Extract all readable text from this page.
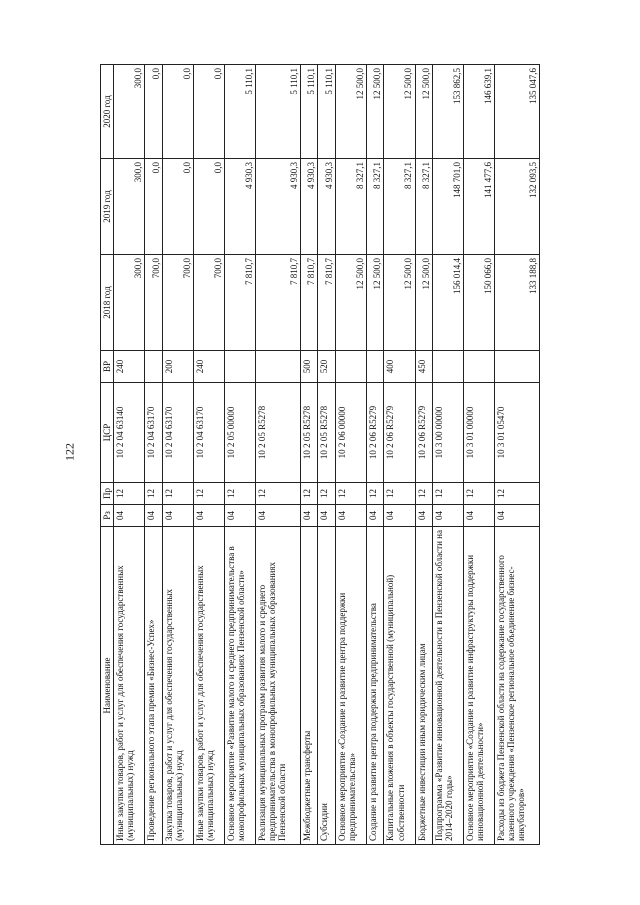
122
Наименование	Рз	Пр	ЦСР	ВР	2018 год	2019 год	2020 год
Иные закупки товаров, работ и услуг для обеспечения государственных (муниципальных) нужд	04	12	10 2 04 63140	240	300,0	300,0	300,0
Проведение регионального этапа премии «Бизнес-Успех»	04	12	10 2 04 63170		700,0	0,0	0,0
Закупка товаров, работ и услуг для обеспечения государственных (муниципальных) нужд	04	12	10 2 04 63170	200	700,0	0,0	0,0
Иные закупки товаров, работ и услуг для обеспечения государственных (муниципальных) нужд	04	12	10 2 04 63170	240	700,0	0,0	0,0
Основное мероприятие «Развитие малого и среднего предпринимательства в монопрофильных муниципальных образованиях Пензенской области»	04	12	10 2 05 00000		7 810,7	4 930,3	5 110,1
Реализация муниципальных программ развития малого и среднего предпринимательства в монопрофильных муниципальных образованиях Пензенской области	04	12	10 2 05 R5278		7 810,7	4 930,3	5 110,1
Межбюджетные трансферты	04	12	10 2 05 R5278	500	7 810,7	4 930,3	5 110,1
Субсидии	04	12	10 2 05 R5278	520	7 810,7	4 930,3	5 110,1
Основное мероприятие «Создание и развитие центра поддержки предпринимательства»	04	12	10 2 06 00000		12 500,0	8 327,1	12 500,0
Создание и развитие центра поддержки предпринимательства	04	12	10 2 06 R5279		12 500,0	8 327,1	12 500,0
Капитальные вложения в объекты государственной (муниципальной) собственности	04	12	10 2 06 R5279	400	12 500,0	8 327,1	12 500,0
Бюджетные инвестиции иным юридическим лицам	04	12	10 2 06 R5279	450	12 500,0	8 327,1	12 500,0
Подпрограмма «Развитие инновационной деятельности в Пензенской области на 2014–2020 годы»	04	12	10 3 00 00000		156 014,4	148 701,0	153 862,5
Основное мероприятие «Создание и развитие инфраструктуры поддержки инновационной деятельности»	04	12	10 3 01 00000		150 066,0	141 477,6	146 639,1
Расходы из бюджета Пензенской области на содержание государственного казенного учреждения «Пензенское региональное объединение бизнес-инкубаторов»	04	12	10 3 01 05470		133 188,8	132 093,5	135 047,6
